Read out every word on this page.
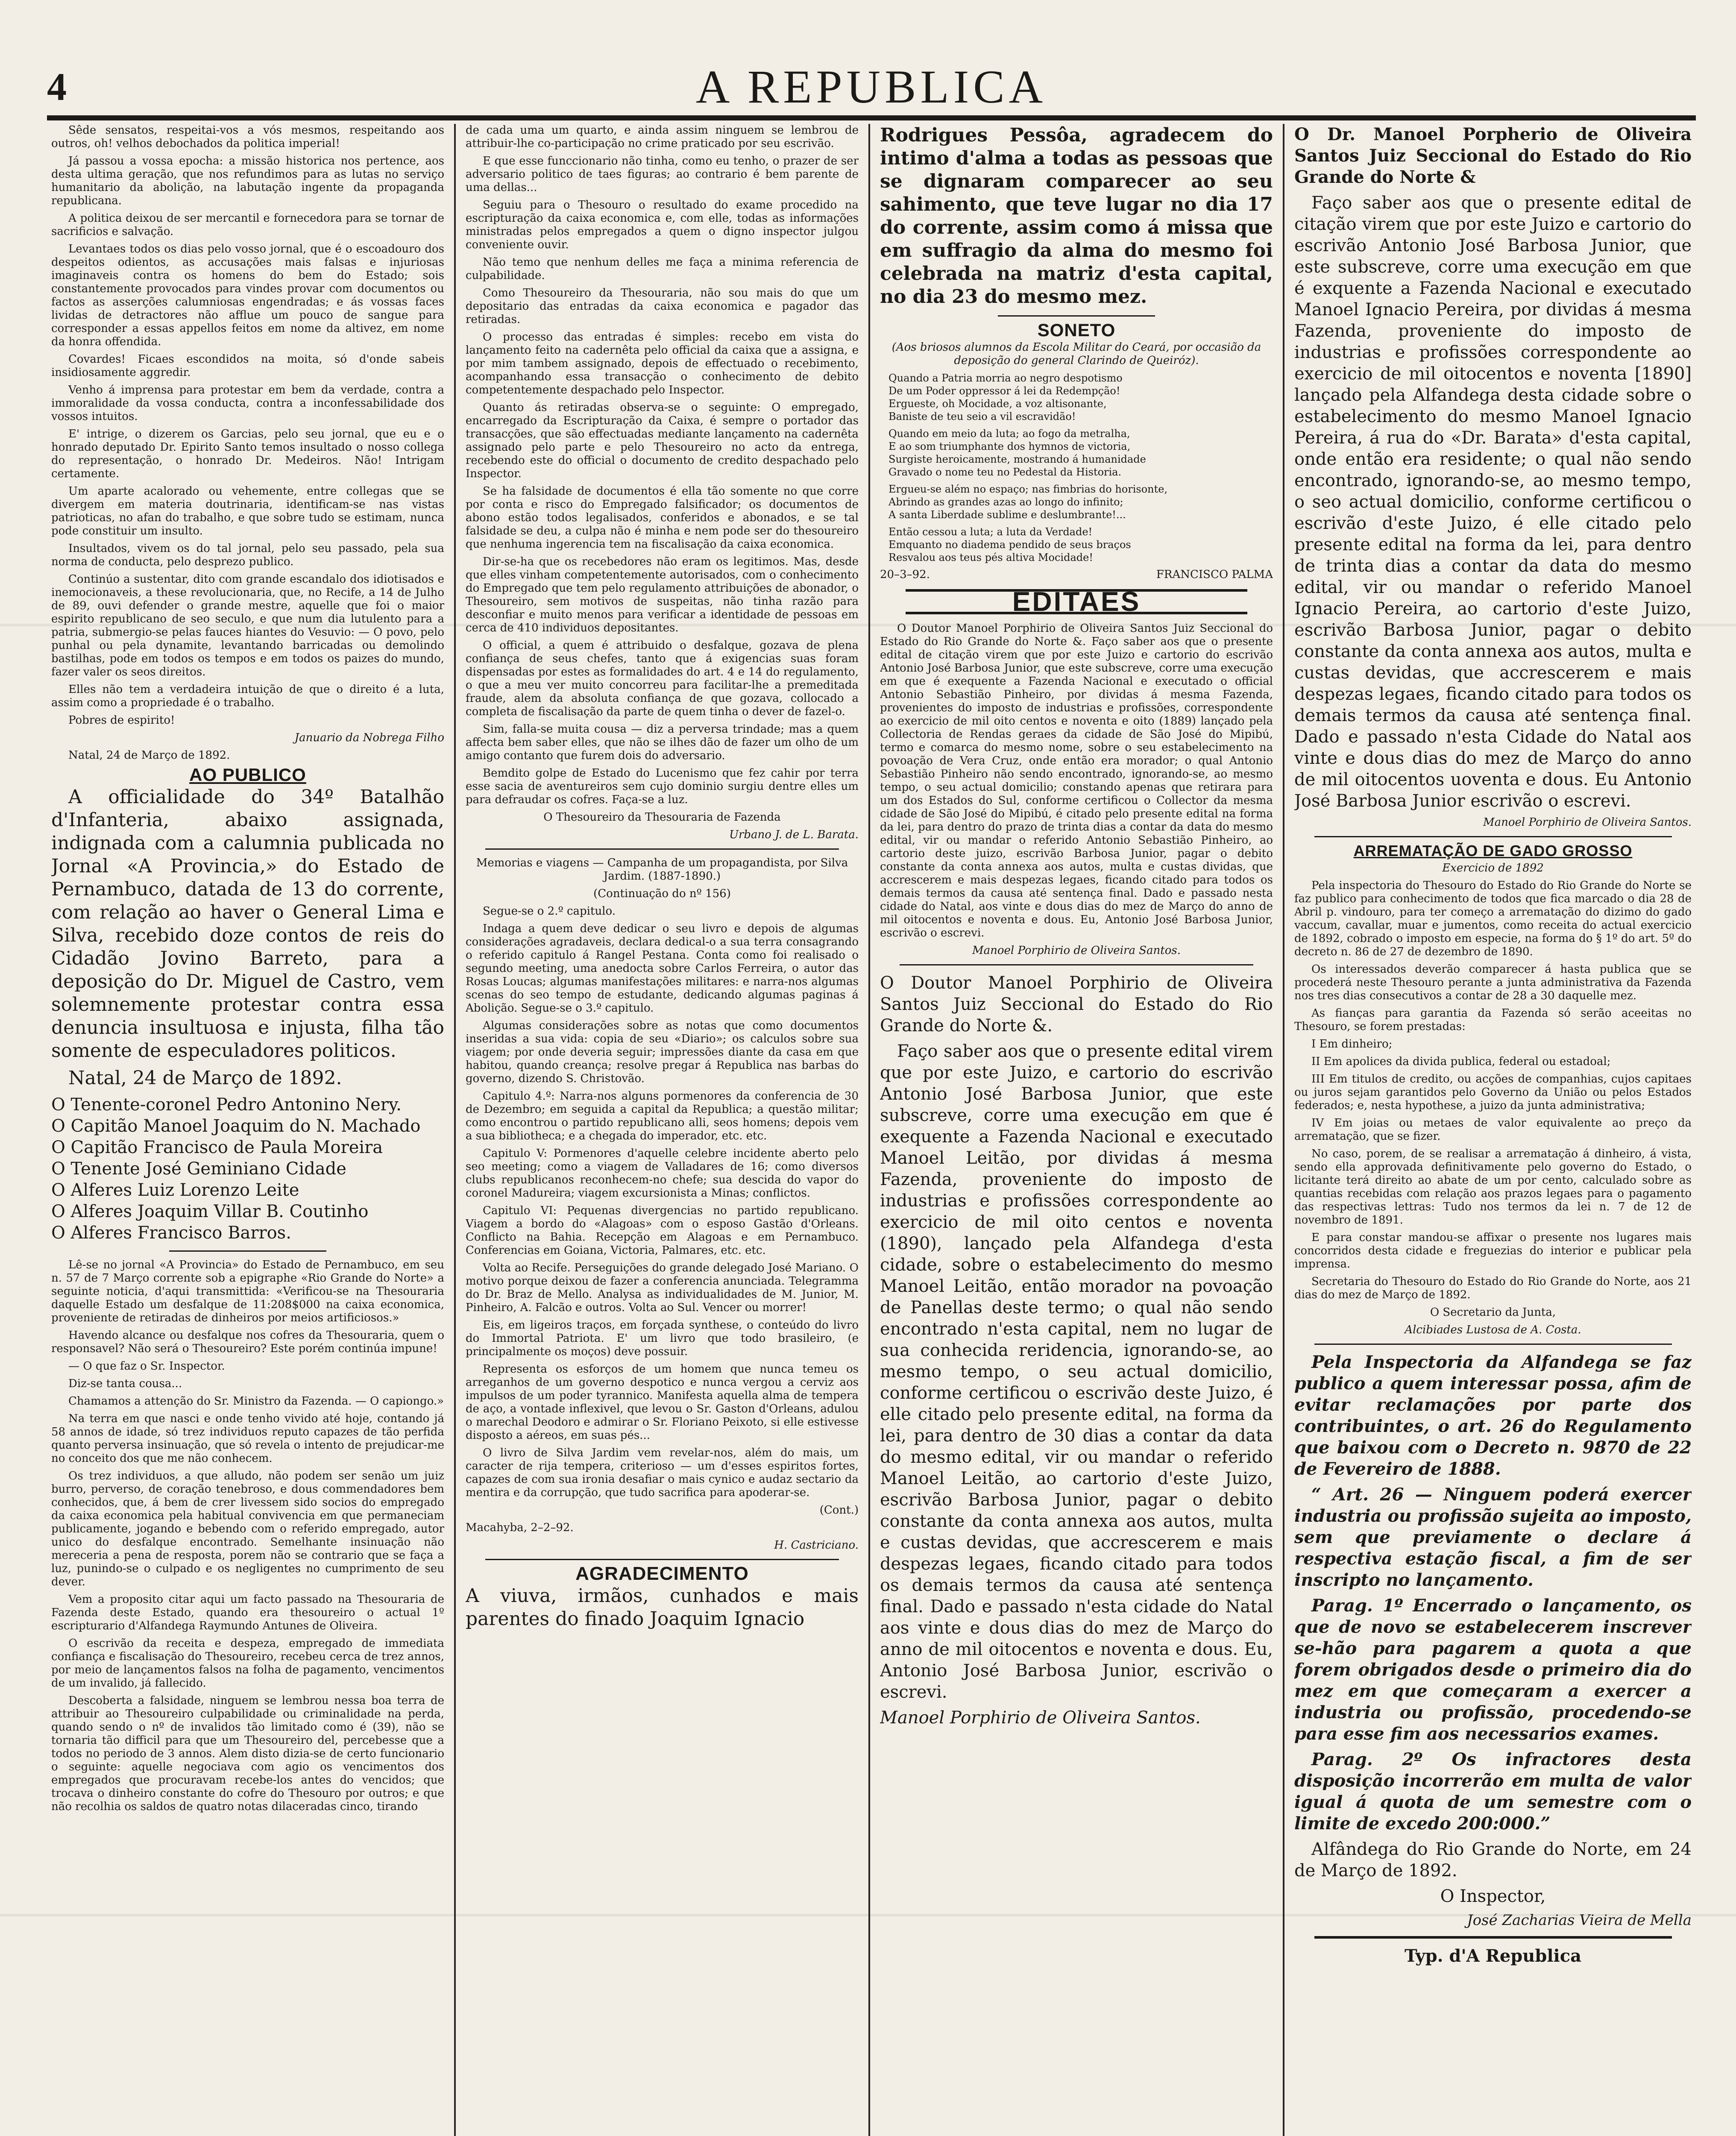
4	A REPUBLICA

Sêde sensatos, respeitai-vos a vós mesmos, respeitando aos outros, oh! velhos debochados da politica imperial!

Já passou a vossa epocha: a missão historica nos pertence, aos desta ultima geração, que nos refundimos para as lutas no serviço humanitario da abolição, na labutação ingente da propaganda republicana.

A politica deixou de ser mercantil e fornecedora para se tornar de sacrificios e salvação.

Levantaes todos os dias pelo vosso jornal, que é o escoadouro dos despeitos odientos, as accusações mais falsas e injuriosas imaginaveis contra os homens do bem do Estado; sois constantemente provocados para vindes provar com documentos ou factos as asserções calumniosas engendradas; e ás vossas faces lividas de detractores não afflue um pouco de sangue para corresponder a essas appellos feitos em nome da altivez, em nome da honra offendida.

Covardes! Ficaes escondidos na moita, só d'onde sabeis insidiosamente aggredir.

Venho á imprensa para protestar em bem da verdade, contra a immoralidade da vossa conducta, contra a inconfessabilidade dos vossos intuitos.

E' intrige, o dizerem os Garcias, pelo seu jornal, que eu e o honrado deputado Dr. Epirito Santo temos insultado o nosso collega do representação, o honrado Dr. Medeiros. Não! Intrigam certamente.

Um aparte acalorado ou vehemente, entre collegas que se divergem em materia doutrinaria, identificam-se nas vistas patrioticas, no afan do trabalho, e que sobre tudo se estimam, nunca pode constituir um insulto.

Insultados, vivem os do tal jornal, pelo seu passado, pela sua norma de conducta, pelo desprezo publico.

Continúo a sustentar, dito com grande escandalo dos idiotisados e inemocionaveis, a these revolucionaria, que, no Recife, a 14 de Julho de 89, ouvi defender o grande mestre, aquelle que foi o maior espirito republicano de seo seculo, e que num dia lutulento para a patria, submergio-se pelas fauces hiantes do Vesuvio: — O povo, pelo punhal ou pela dynamite, levantando barricadas ou demolindo bastilhas, pode em todos os tempos e em todos os paizes do mundo, fazer valer os seos direitos.

Elles não tem a verdadeira intuição de que o direito é a luta, assim como a propriedade é o trabalho.

Pobres de espirito!

Januario da Nobrega Filho

Natal, 24 de Março de 1892.

AO PUBLICO

A officialidade do 34º Batalhão d'Infanteria, abaixo assignada, indignada com a calumnia publicada no Jornal «A Provincia,» do Estado de Pernambuco, datada de 13 do corrente, com relação ao haver o General Lima e Silva, recebido doze contos de reis do Cidadão Jovino Barreto, para a deposição do Dr. Miguel de Castro, vem solemnemente protestar contra essa denuncia insultuosa e injusta, filha tão somente de especuladores politicos.

Natal, 24 de Março de 1892.

O Tenente-coronel Pedro Antonino Nery.
O Capitão Manoel Joaquim do N. Machado
O Capitão Francisco de Paula Moreira
O Tenente José Geminiano Cidade
O Alferes Luiz Lorenzo Leite
O Alferes Joaquim Villar B. Coutinho
O Alferes Francisco Barros.

Lê-se no jornal «A Provincia» do Estado de Pernambuco, em seu n. 57 de 7 Março corrente sob a epigraphe «Rio Grande do Norte» a seguinte noticia, d'aqui transmittida: «Verificou-se na Thesouraria daquelle Estado um desfalque de 11:208$000 na caixa economica, proveniente de retiradas de dinheiros por meios artificiosos.»

Havendo alcance ou desfalque nos cofres da Thesouraria, quem o responsavel? Não será o Thesoureiro? Este porém continúa impune!

— O que faz o Sr. Inspector.

Diz-se tanta cousa...

Chamamos a attenção do Sr. Ministro da Fazenda. — O capiongo.»

Na terra em que nasci e onde tenho vivido até hoje, contando já 58 annos de idade, só trez individuos reputo capazes de tão perfida quanto perversa insinuação, que só revela o intento de prejudicar-me no conceito dos que me não conhecem.

Os trez individuos, a que alludo, não podem ser senão um juiz burro, perverso, de coração tenebroso, e dous commendadores bem conhecidos, que, á bem de crer livessem sido socios do empregado da caixa economica pela habitual convivencia em que permaneciam publicamente, jogando e bebendo com o referido empregado, autor unico do desfalque encontrado. Semelhante insinuação não mereceria a pena de resposta, porem não se contrario que se faça a luz, punindo-se o culpado e os negligentes no cumprimento de seu dever.

Vem a proposito citar aqui um facto passado na Thesouraria de Fazenda deste Estado, quando era thesoureiro o actual 1º escripturario d'Alfandega Raymundo Antunes de Oliveira.

O escrivão da receita e despeza, empregado de immediata confiança e fiscalisação do Thesoureiro, recebeu cerca de trez annos, por meio de lançamentos falsos na folha de pagamento, vencimentos de um invalido, já fallecido.

Descoberta a falsidade, ninguem se lembrou nessa boa terra de attribuir ao Thesoureiro culpabilidade ou criminalidade na perda, quando sendo o nº de invalidos tão limitado como é (39), não se tornaria tão difficil para que um Thesoureiro del, percebesse que a todos no periodo de 3 annos. Alem disto dizia-se de certo funcionario o seguinte: aquelle negociava com agio os vencimentos dos empregados que procuravam recebe-los antes do vencidos; que trocava o dinheiro constante do cofre do Thesouro por outros; e que não recolhia os saldos de quatro notas dilaceradas cinco, tirando

de cada uma um quarto, e ainda assim ninguem se lembrou de attribuir-lhe co-participação no crime praticado por seu escrivão.

E que esse funccionario não tinha, como eu tenho, o prazer de ser adversario politico de taes figuras; ao contrario é bem parente de uma dellas...

Seguiu para o Thesouro o resultado do exame procedido na escripturação da caixa economica e, com elle, todas as informações ministradas pelos empregados a quem o digno inspector julgou conveniente ouvir.

Não temo que nenhum delles me faça a minima referencia de culpabilidade.

Como Thesoureiro da Thesouraria, não sou mais do que um depositario das entradas da caixa economica e pagador das retiradas.

O processo das entradas é simples: recebo em vista do lançamento feito na cadernêta pelo official da caixa que a assigna, e por mim tambem assignado, depois de effectuado o recebimento, acompanhando essa transacção o conhecimento de debito competentemente despachado pelo Inspector.

Quanto ás retiradas observa-se o seguinte: O empregado, encarregado da Escripturação da Caixa, é sempre o portador das transacções, que são effectuadas mediante lançamento na cadernêta assignado pelo parte e pelo Thesoureiro no acto da entrega, recebendo este do official o documento de credito despachado pelo Inspector.

Se ha falsidade de documentos é ella tão somente no que corre por conta e risco do Empregado falsificador; os documentos de abono estão todos legalisados, conferidos e abonados, e se tal falsidade se deu, a culpa não é minha e nem pode ser do thesoureiro que nenhuma ingerencia tem na fiscalisação da caixa economica.

Dir-se-ha que os recebedores não eram os legitimos. Mas, desde que elles vinham competentemente autorisados, com o conhecimento do Empregado que tem pelo regulamento attribuições de abonador, o Thesoureiro, sem motivos de suspeitas, não tinha razão para desconfiar e muito menos para verificar a identidade de pessoas em cerca de 410 individuos depositantes.

O official, a quem é attribuido o desfalque, gozava de plena confiança de seus chefes, tanto que á exigencias suas foram dispensadas por estes as formalidades do art. 4 e 14 do regulamento, o que a meu ver muito concorreu para facilitar-lhe a premeditada fraude, alem da absoluta confiança de que gozava, collocado a completa de fiscalisação da parte de quem tinha o dever de fazel-o.

Sim, falla-se muita cousa — diz a perversa trindade; mas a quem affecta bem saber elles, que não se ilhes dão de fazer um olho de um amigo contanto que furem dois do adversario.

Bemdito golpe de Estado do Lucenismo que fez cahir por terra esse sacia de aventureiros sem cujo dominio surgiu dentre elles um para defraudar os cofres. Faça-se a luz.

O Thesoureiro da Thesouraria de Fazenda

Urbano J. de L. Barata.

Memorias e viagens — Campanha de um propagandista, por Silva Jardim. (1887-1890.)

(Continuação do nº 156)

Segue-se o 2.º capitulo.

Indaga a quem deve dedicar o seu livro e depois de algumas considerações agradaveis, declara dedical-o a sua terra consagrando o referido capitulo á Rangel Pestana. Conta como foi realisado o segundo meeting, uma anedocta sobre Carlos Ferreira, o autor das Rosas Loucas; algumas manifestações militares: e narra-nos algumas scenas do seo tempo de estudante, dedicando algumas paginas á Abolição. Segue-se o 3.º capitulo.

Algumas considerações sobre as notas que como documentos inseridas a sua vida: copia de seu «Diario»; os calculos sobre sua viagem; por onde deveria seguir; impressões diante da casa em que habitou, quando creança; resolve pregar á Republica nas barbas do governo, dizendo S. Christovão.

Capitulo 4.º: Narra-nos alguns pormenores da conferencia de 30 de Dezembro; em seguida a capital da Republica; a questão militar; como encontrou o partido republicano alli, seos homens; depois vem a sua bibliotheca; e a chegada do imperador, etc. etc.

Capitulo V: Pormenores d'aquelle celebre incidente aberto pelo seo meeting; como a viagem de Valladares de 16; como diversos clubs republicanos reconhecem-no chefe; sua descida do vapor do coronel Madureira; viagem excursionista a Minas; conflictos.

Capitulo VI: Pequenas divergencias no partido republicano. Viagem a bordo do «Alagoas» com o esposo Gastão d'Orleans. Conflicto na Bahia. Recepção em Alagoas e em Pernambuco. Conferencias em Goiana, Victoria, Palmares, etc. etc.

Volta ao Recife. Perseguições do grande delegado José Mariano. O motivo porque deixou de fazer a conferencia anunciada. Telegramma do Dr. Braz de Mello. Analysa as individualidades de M. Junior, M. Pinheiro, A. Falcão e outros. Volta ao Sul. Vencer ou morrer!

Eis, em ligeiros traços, em forçada synthese, o conteúdo do livro do Immortal Patriota. E' um livro que todo brasileiro, (e principalmente os moços) deve possuir.

Representa os esforços de um homem que nunca temeu os arreganhos de um governo despotico e nunca vergou a cerviz aos impulsos de um poder tyrannico. Manifesta aquella alma de tempera de aço, a vontade inflexivel, que levou o Sr. Gaston d'Orleans, adulou o marechal Deodoro e admirar o Sr. Floriano Peixoto, si elle estivesse disposto a aéreos, em suas pés...

O livro de Silva Jardim vem revelar-nos, além do mais, um caracter de rija tempera, criterioso — um d'esses espiritos fortes, capazes de com sua ironia desafiar o mais cynico e audaz sectario da mentira e da corrupção, que tudo sacrifica para apoderar-se.

(Cont.)

Macahyba, 2–2–92.

H. Castriciano.

AGRADECIMENTO

A viuva, irmãos, cunhados e mais parentes do finado Joaquim Ignacio

Rodrigues Pessôa, agradecem do intimo d'alma a todas as pessoas que se dignaram comparecer ao seu sahimento, que teve lugar no dia 17 do corrente, assim como á missa que em suffragio da alma do mesmo foi celebrada na matriz d'esta capital, no dia 23 do mesmo mez.

SONETO

(Aos briosos alumnos da Escola Militar do Ceará, por occasião da deposição do general Clarindo de Queiróz).

Quando a Patria morria ao negro despotismo
De um Poder oppressor á lei da Redempção!
Ergueste, oh Mocidade, a voz altisonante,
Baniste de teu seio a vil escravidão!
Quando em meio da luta; ao fogo da metralha,
E ao som triumphante dos hymnos de victoria,
Surgiste heroicamente, mostrando á humanidade
Gravado o nome teu no Pedestal da Historia.
Ergueu-se além no espaço; nas fimbrias do horisonte,
Abrindo as grandes azas ao longo do infinito;
A santa Liberdade sublime e deslumbrante!...
Então cessou a luta; a luta da Verdade!
Emquanto no diadema pendido de seus braços
Resvalou aos teus pés altiva Mocidade!

20–3–92.	FRANCISCO PALMA

EDITAES

O Doutor Manoel Porphirio de Oliveira Santos Juiz Seccional do Estado do Rio Grande do Norte &. Faço saber aos que o presente edital de citação virem que por este Juizo e cartorio do escrivão Antonio José Barbosa Junior, que este subscreve, corre uma execução em que é exequente a Fazenda Nacional e executado o official Antonio Sebastião Pinheiro, por dividas á mesma Fazenda, provenientes do imposto de industrias e profissões, correspondente ao exercicio de mil oito centos e noventa e oito (1889) lançado pela Collectoria de Rendas geraes da cidade de São José do Mipibú, termo e comarca do mesmo nome, sobre o seu estabelecimento na povoação de Vera Cruz, onde então era morador; o qual Antonio Sebastião Pinheiro não sendo encontrado, ignorando-se, ao mesmo tempo, o seu actual domicilio; constando apenas que retirara para um dos Estados do Sul, conforme certificou o Collector da mesma cidade de São José do Mipibú, é citado pelo presente edital na forma da lei, para dentro do prazo de trinta dias a contar da data do mesmo edital, vir ou mandar o referido Antonio Sebastião Pinheiro, ao cartorio deste juizo, escrivão Barbosa Junior, pagar o debito constante da conta annexa aos autos, multa e custas dividas, que accrescerem e mais despezas legaes, ficando citado para todos os demais termos da causa até sentença final. Dado e passado nesta cidade do Natal, aos vinte e dous dias do mez de Março do anno de mil oitocentos e noventa e dous. Eu, Antonio José Barbosa Junior, escrivão o escrevi.

Manoel Porphirio de Oliveira Santos.

O Doutor Manoel Porphirio de Oliveira Santos Juiz Seccional do Estado do Rio Grande do Norte &.

Faço saber aos que o presente edital virem que por este Juizo, e cartorio do escrivão Antonio José Barbosa Junior, que este subscreve, corre uma execução em que é exequente a Fazenda Nacional e executado Manoel Leitão, por dividas á mesma Fazenda, proveniente do imposto de industrias e profissões correspondente ao exercicio de mil oito centos e noventa (1890), lançado pela Alfandega d'esta cidade, sobre o estabelecimento do mesmo Manoel Leitão, então morador na povoação de Panellas deste termo; o qual não sendo encontrado n'esta capital, nem no lugar de sua conhecida reridencia, ignorando-se, ao mesmo tempo, o seu actual domicilio, conforme certificou o escrivão deste Juizo, é elle citado pelo presente edital, na forma da lei, para dentro de 30 dias a contar da data do mesmo edital, vir ou mandar o referido Manoel Leitão, ao cartorio d'este Juizo, escrivão Barbosa Junior, pagar o debito constante da conta annexa aos autos, multa e custas devidas, que accrescerem e mais despezas legaes, ficando citado para todos os demais termos da causa até sentença final. Dado e passado n'esta cidade do Natal aos vinte e dous dias do mez de Março do anno de mil oitocentos e noventa e dous. Eu, Antonio José Barbosa Junior, escrivão o escrevi.

Manoel Porphirio de Oliveira Santos.

O Dr. Manoel Porpherio de Oliveira Santos Juiz Seccional do Estado do Rio Grande do Norte &

Faço saber aos que o presente edital de citação virem que por este Juizo e cartorio do escrivão Antonio José Barbosa Junior, que este subscreve, corre uma execução em que é exquente a Fazenda Nacional e executado Manoel Ignacio Pereira, por dividas á mesma Fazenda, proveniente do imposto de industrias e profissões correspondente ao exercicio de mil oitocentos e noventa [1890] lançado pela Alfandega desta cidade sobre o estabelecimento do mesmo Manoel Ignacio Pereira, á rua do «Dr. Barata» d'esta capital, onde então era residente; o qual não sendo encontrado, ignorando-se, ao mesmo tempo, o seo actual domicilio, conforme certificou o escrivão d'este Juizo, é elle citado pelo presente edital na forma da lei, para dentro de trinta dias a contar da data do mesmo edital, vir ou mandar o referido Manoel Ignacio Pereira, ao cartorio d'este Juizo, escrivão Barbosa Junior, pagar o debito constante da conta annexa aos autos, multa e custas devidas, que accrescerem e mais despezas legaes, ficando citado para todos os demais termos da causa até sentença final. Dado e passado n'esta Cidade do Natal aos vinte e dous dias do mez de Março do anno de mil oitocentos uoventa e dous. Eu Antonio José Barbosa Junior escrivão o escrevi.

Manoel Porphirio de Oliveira Santos.

ARREMATAÇÃO DE GADO GROSSO

Exercicio de 1892

Pela inspectoria do Thesouro do Estado do Rio Grande do Norte se faz publico para conhecimento de todos que fica marcado o dia 28 de Abril p. vindouro, para ter começo a arrematação do dizimo do gado vaccum, cavallar, muar e jumentos, como receita do actual exercicio de 1892, cobrado o imposto em especie, na forma do § 1º do art. 5º do decreto n. 86 de 27 de dezembro de 1890.

Os interessados deverão comparecer á hasta publica que se procederá neste Thesouro perante a junta administrativa da Fazenda nos tres dias consecutivos a contar de 28 a 30 daquelle mez.

As fianças para garantia da Fazenda só serão aceeitas no Thesouro, se forem prestadas:

I Em dinheiro;

II Em apolices da divida publica, federal ou estadoal;

III Em titulos de credito, ou acções de companhias, cujos capitaes ou juros sejam garantidos pelo Governo da União ou pelos Estados federados; e, nesta hypothese, a juizo da junta administrativa;

IV Em joias ou metaes de valor equivalente ao preço da arrematação, que se fizer.

No caso, porem, de se realisar a arrematação á dinheiro, á vista, sendo ella approvada definitivamente pelo governo do Estado, o licitante terá direito ao abate de um por cento, calculado sobre as quantias recebidas com relação aos prazos legaes para o pagamento das respectivas lettras: Tudo nos termos da lei n. 7 de 12 de novembro de 1891.

E para constar mandou-se affixar o presente nos lugares mais concorridos desta cidade e freguezias do interior e publicar pela imprensa.

Secretaria do Thesouro do Estado do Rio Grande do Norte, aos 21 dias do mez de Março de 1892.

O Secretario da Junta,

Alcibiades Lustosa de A. Costa.

Pela Inspectoria da Alfandega se faz publico a quem interessar possa, afim de evitar reclamações por parte dos contribuintes, o art. 26 do Regulamento que baixou com o Decreto n. 9870 de 22 de Fevereiro de 1888.

“ Art. 26 — Ninguem poderá exercer industria ou profissão sujeita ao imposto, sem que previamente o declare á respectiva estação fiscal, a fim de ser inscripto no lançamento.

Parag. 1º Encerrado o lançamento, os que de novo se estabelecerem inscrever se-hão para pagarem a quota a que forem obrigados desde o primeiro dia do mez em que começaram a exercer a industria ou profissão, procedendo-se para esse fim aos necessarios exames.

Parag. 2º Os infractores desta disposição incorrerão em multa de valor igual á quota de um semestre com o limite de excedo 200:000.”

Alfândega do Rio Grande do Norte, em 24 de Março de 1892.

O Inspector,

José Zacharias Vieira de Mella

Typ. d'A Republica
